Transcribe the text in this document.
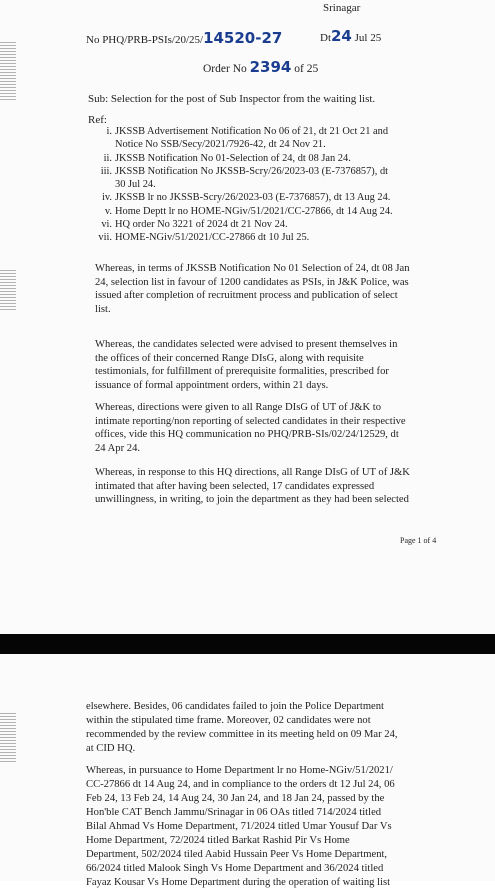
Srinagar
No PHQ/PRB-PSIs/20/25/14520-27	Dt24 Jul 25
Order No 2394 of 25
Sub: Selection for the post of Sub Inspector from the waiting list.
Ref:
i. JKSSB Advertisement Notification No 06 of 21, dt 21 Oct 21 and
Notice No SSB/Secy/2021/7926-42, dt 24 Nov 21.
ii. JKSSB Notification No 01-Selection of 24, dt 08 Jan 24.
iii. JKSSB Notification No JKSSB-Scry/26/2023-03 (E-7376857), dt
30 Jul 24.
iv. JKSSB lr no JKSSB-Scry/26/2023-03 (E-7376857), dt 13 Aug 24.
v. Home Deptt lr no HOME-NGiv/51/2021/CC-27866, dt 14 Aug 24.
vi. HQ order No 3221 of 2024 dt 21 Nov 24.
vii. HOME-NGiv/51/2021/CC-27866 dt 10 Jul 25.
Whereas, in terms of JKSSB Notification No 01 Selection of 24, dt 08 Jan
24, selection list in favour of 1200 candidates as PSIs, in J&K Police, was
issued after completion of recruitment process and publication of select
list.
Whereas, the candidates selected were advised to present themselves in
the offices of their concerned Range DIsG, along with requisite
testimonials, for fulfillment of prerequisite formalities, prescribed for
issuance of formal appointment orders, within 21 days.
Whereas, directions were given to all Range DIsG of UT of J&K to
intimate reporting/non reporting of selected candidates in their respective
offices, vide this HQ communication no PHQ/PRB-SIs/02/24/12529, dt
24 Apr 24.
Whereas, in response to this HQ directions, all Range DIsG of UT of J&K
intimated that after having been selected, 17 candidates expressed
unwillingness, in writing, to join the department as they had been selected
Page 1 of 4
elsewhere. Besides, 06 candidates failed to join the Police Department
within the stipulated time frame. Moreover, 02 candidates were not
recommended by the review committee in its meeting held on 09 Mar 24,
at CID HQ.
Whereas, in pursuance to Home Department lr no Home-NGiv/51/2021/
CC-27866 dt 14 Aug 24, and in compliance to the orders dt 12 Jul 24, 06
Feb 24, 13 Feb 24, 14 Aug 24, 30 Jan 24, and 18 Jan 24, passed by the
Hon'ble CAT Bench Jammu/Srinagar in 06 OAs titled 714/2024 titled
Bilal Ahmad Vs Home Department, 71/2024 titled Umar Yousuf Dar Vs
Home Department, 72/2024 titled Barkat Rashid Pir Vs Home
Department, 502/2024 tiled Aabid Hussain Peer Vs Home Department,
66/2024 titled Malook Singh Vs Home Department and 36/2024 titled
Fayaz Kousar Vs Home Department during the operation of waiting list
